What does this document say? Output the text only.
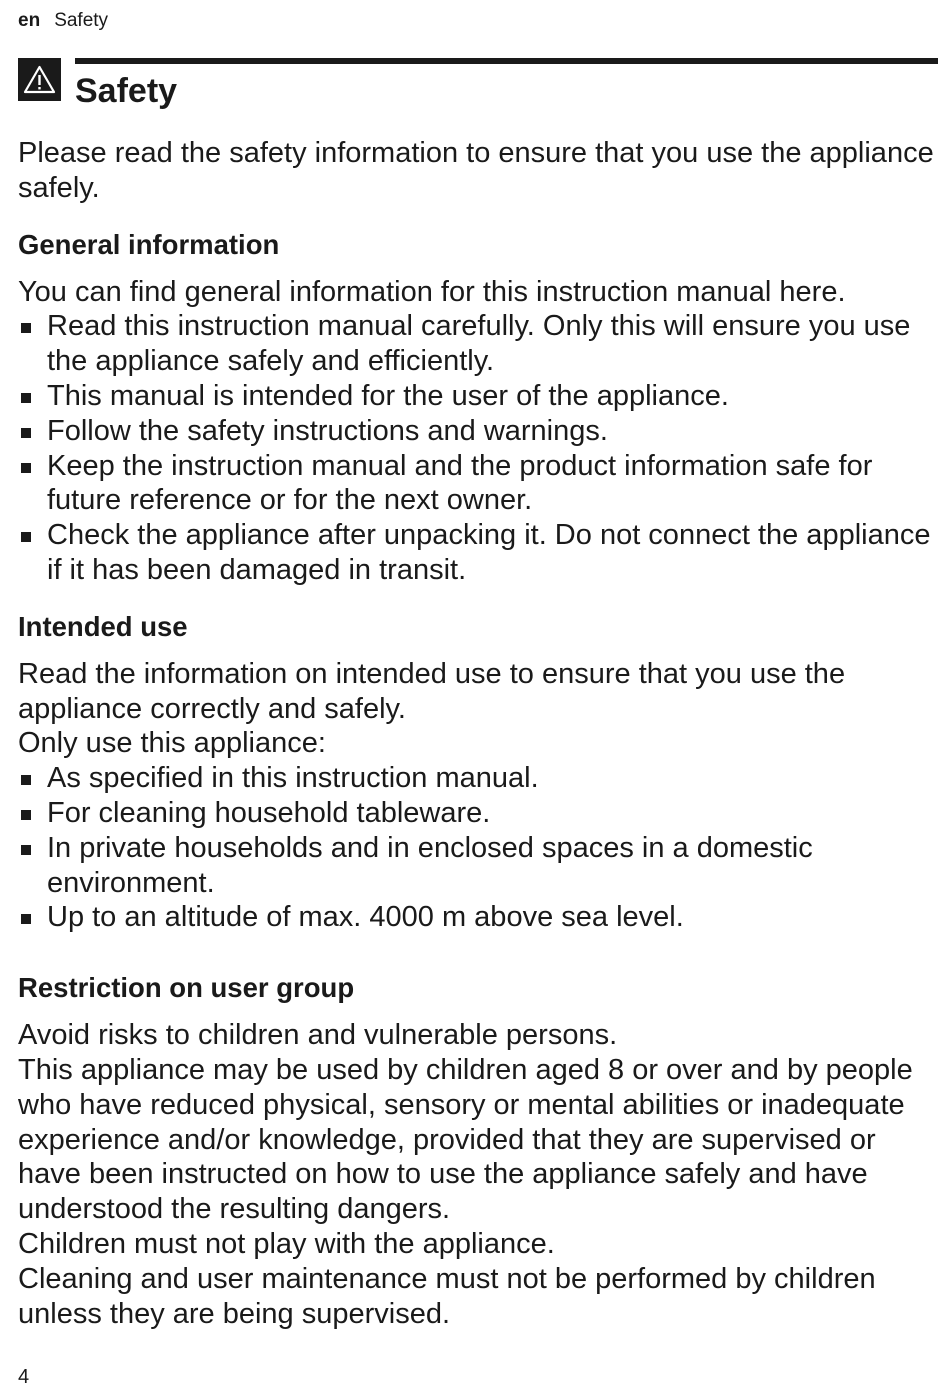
en Safety
Safety

Please read the safety information to ensure that you use the appliance safely.

General information

You can find general information for this instruction manual here.

Read this instruction manual carefully. Only this will ensure you use the appliance safely and efficiently.
This manual is intended for the user of the appliance.
Follow the safety instructions and warnings.
Keep the instruction manual and the product information safe for future reference or for the next owner.
Check the appliance after unpacking it. Do not connect the appliance if it has been damaged in transit.
Intended use

Read the information on intended use to ensure that you use the appliance correctly and safely.

Only use this appliance:

As specified in this instruction manual.
For cleaning household tableware.
In private households and in enclosed spaces in a domestic environment.
Up to an altitude of max. 4000 m above sea level.
Restriction on user group

Avoid risks to children and vulnerable persons.

This appliance may be used by children aged 8 or over and by people who have reduced physical, sensory or mental abilities or inadequate experience and/or knowledge, provided that they are supervised or have been instructed on how to use the appliance safely and have understood the resulting dangers.

Children must not play with the appliance.

Cleaning and user maintenance must not be performed by children unless they are being supervised.

4
